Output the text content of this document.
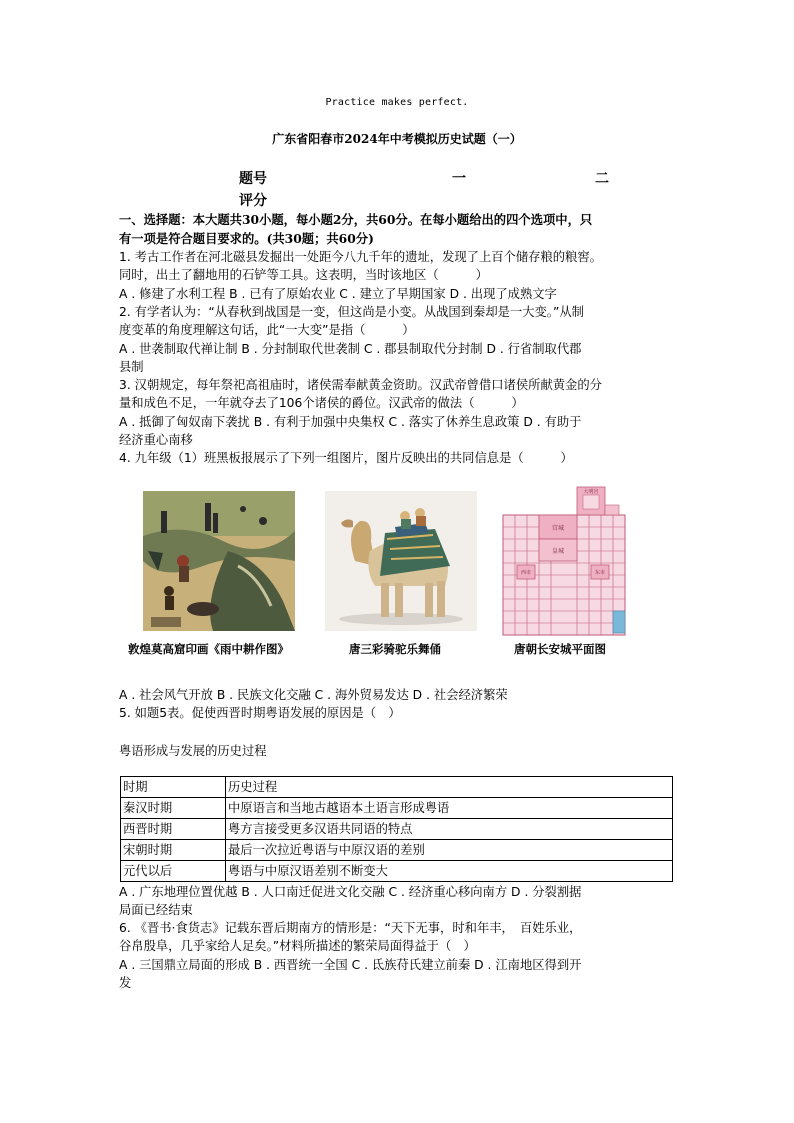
Practice makes perfect.
广东省阳春市2024年中考模拟历史试题（一）
题号	一	二
评分
一、选择题：本大题共30小题，每小题2分，共60分。在每小题给出的四个选项中，只
有一项是符合题目要求的。(共30题；共60分)
1. 考古工作者在河北磁县发掘出一处距今八九千年的遗址，发现了上百个储存粮的粮窖。
同时，出土了翻地用的石铲等工具。这表明，当时该地区（　　　）
A . 修建了水利工程 B . 已有了原始农业 C . 建立了早期国家 D . 出现了成熟文字
2. 有学者认为：“从春秋到战国是一变，但这尚是小变。从战国到秦却是一大变。”从制
度变革的角度理解这句话，此“一大变”是指（　　　）
A . 世袭制取代禅让制 B . 分封制取代世袭制 C . 郡县制取代分封制 D . 行省制取代郡
县制
3. 汉朝规定，每年祭祀高祖庙时，诸侯需奉献黄金资助。汉武帝曾借口诸侯所献黄金的分
量和成色不足，一年就夺去了106个诸侯的爵位。汉武帝的做法（　　　）
A . 抵御了匈奴南下袭扰 B . 有利于加强中央集权 C . 落实了休养生息政策 D . 有助于
经济重心南移
4. 九年级（1）班黑板报展示了下列一组图片，图片反映出的共同信息是（　　　）
敦煌莫高窟印画《雨中耕作图》	唐三彩骑驼乐舞俑
宫城
皇城
西市	东市
大明宫
唐朝长安城平面图
A . 社会风气开放 B . 民族文化交融 C . 海外贸易发达 D . 社会经济繁荣
5. 如题5表。促使西晋时期粤语发展的原因是（　）
粤语形成与发展的历史过程
时期	历史过程
秦汉时期	中原语言和当地古越语本土语言形成粤语
西晋时期	粤方言接受更多汉语共同语的特点
宋朝时期	最后一次拉近粤语与中原汉语的差别
元代以后	粤语与中原汉语差别不断变大
A . 广东地理位置优越 B . 人口南迁促进文化交融 C . 经济重心移向南方 D . 分裂割据
局面已经结束
6. 《晋书·食货志》记载东晋后期南方的情形是：“天下无事，时和年丰，　百姓乐业，
谷帛殷阜，几乎家给人足矣。”材料所描述的繁荣局面得益于（　）
A . 三国鼎立局面的形成 B . 西晋统一全国 C . 氐族苻氏建立前秦 D . 江南地区得到开
发
